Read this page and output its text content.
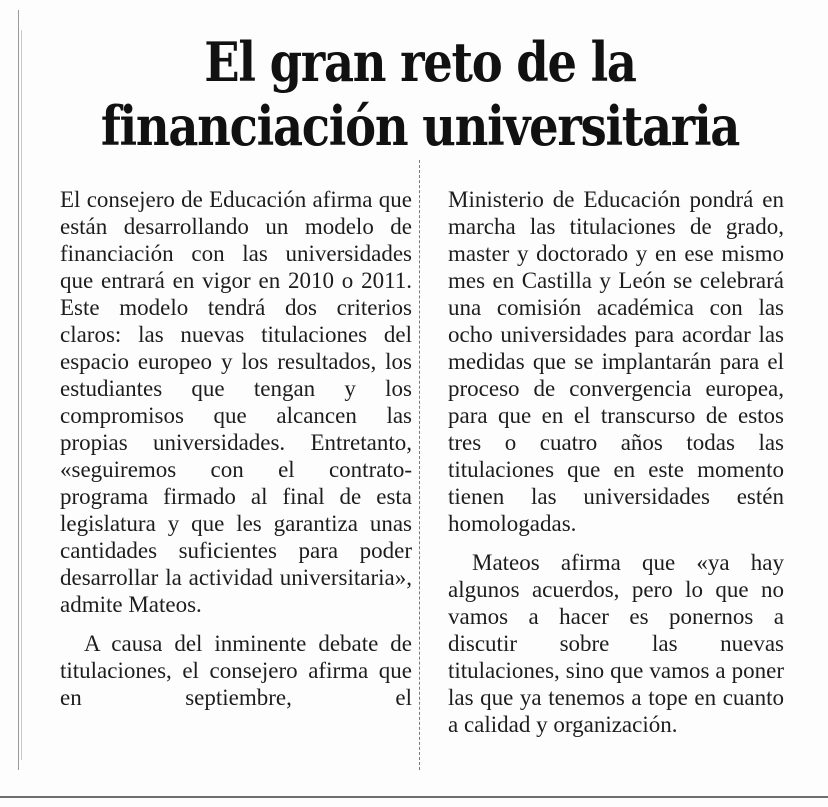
El gran reto de la financiación universitaria

El consejero de Educación afirma que están desarrollando un modelo de financiación con las universidades que entrará en vigor en 2010 o 2011. Este modelo tendrá dos criterios claros: las nuevas titulaciones del espacio europeo y los resultados, los estudiantes que tengan y los compromisos que alcancen las propias universidades. Entretanto, «seguiremos con el contrato-programa firmado al final de esta legislatura y que les garantiza unas cantidades suficientes para poder desarrollar la actividad universitaria», admite Mateos.

A causa del inminente debate de titulaciones, el consejero afirma que en septiembre, el

Ministerio de Educación pondrá en marcha las titulaciones de grado, master y doctorado y en ese mismo mes en Castilla y León se celebrará una comisión académica con las ocho universidades para acordar las medidas que se implantarán para el proceso de convergencia europea, para que en el transcurso de estos tres o cuatro años todas las titulaciones que en este momento tienen las universidades estén homologadas.

Mateos afirma que «ya hay algunos acuerdos, pero lo que no vamos a hacer es ponernos a discutir sobre las nuevas titulaciones, sino que vamos a poner las que ya tenemos a tope en cuanto a calidad y organización.
